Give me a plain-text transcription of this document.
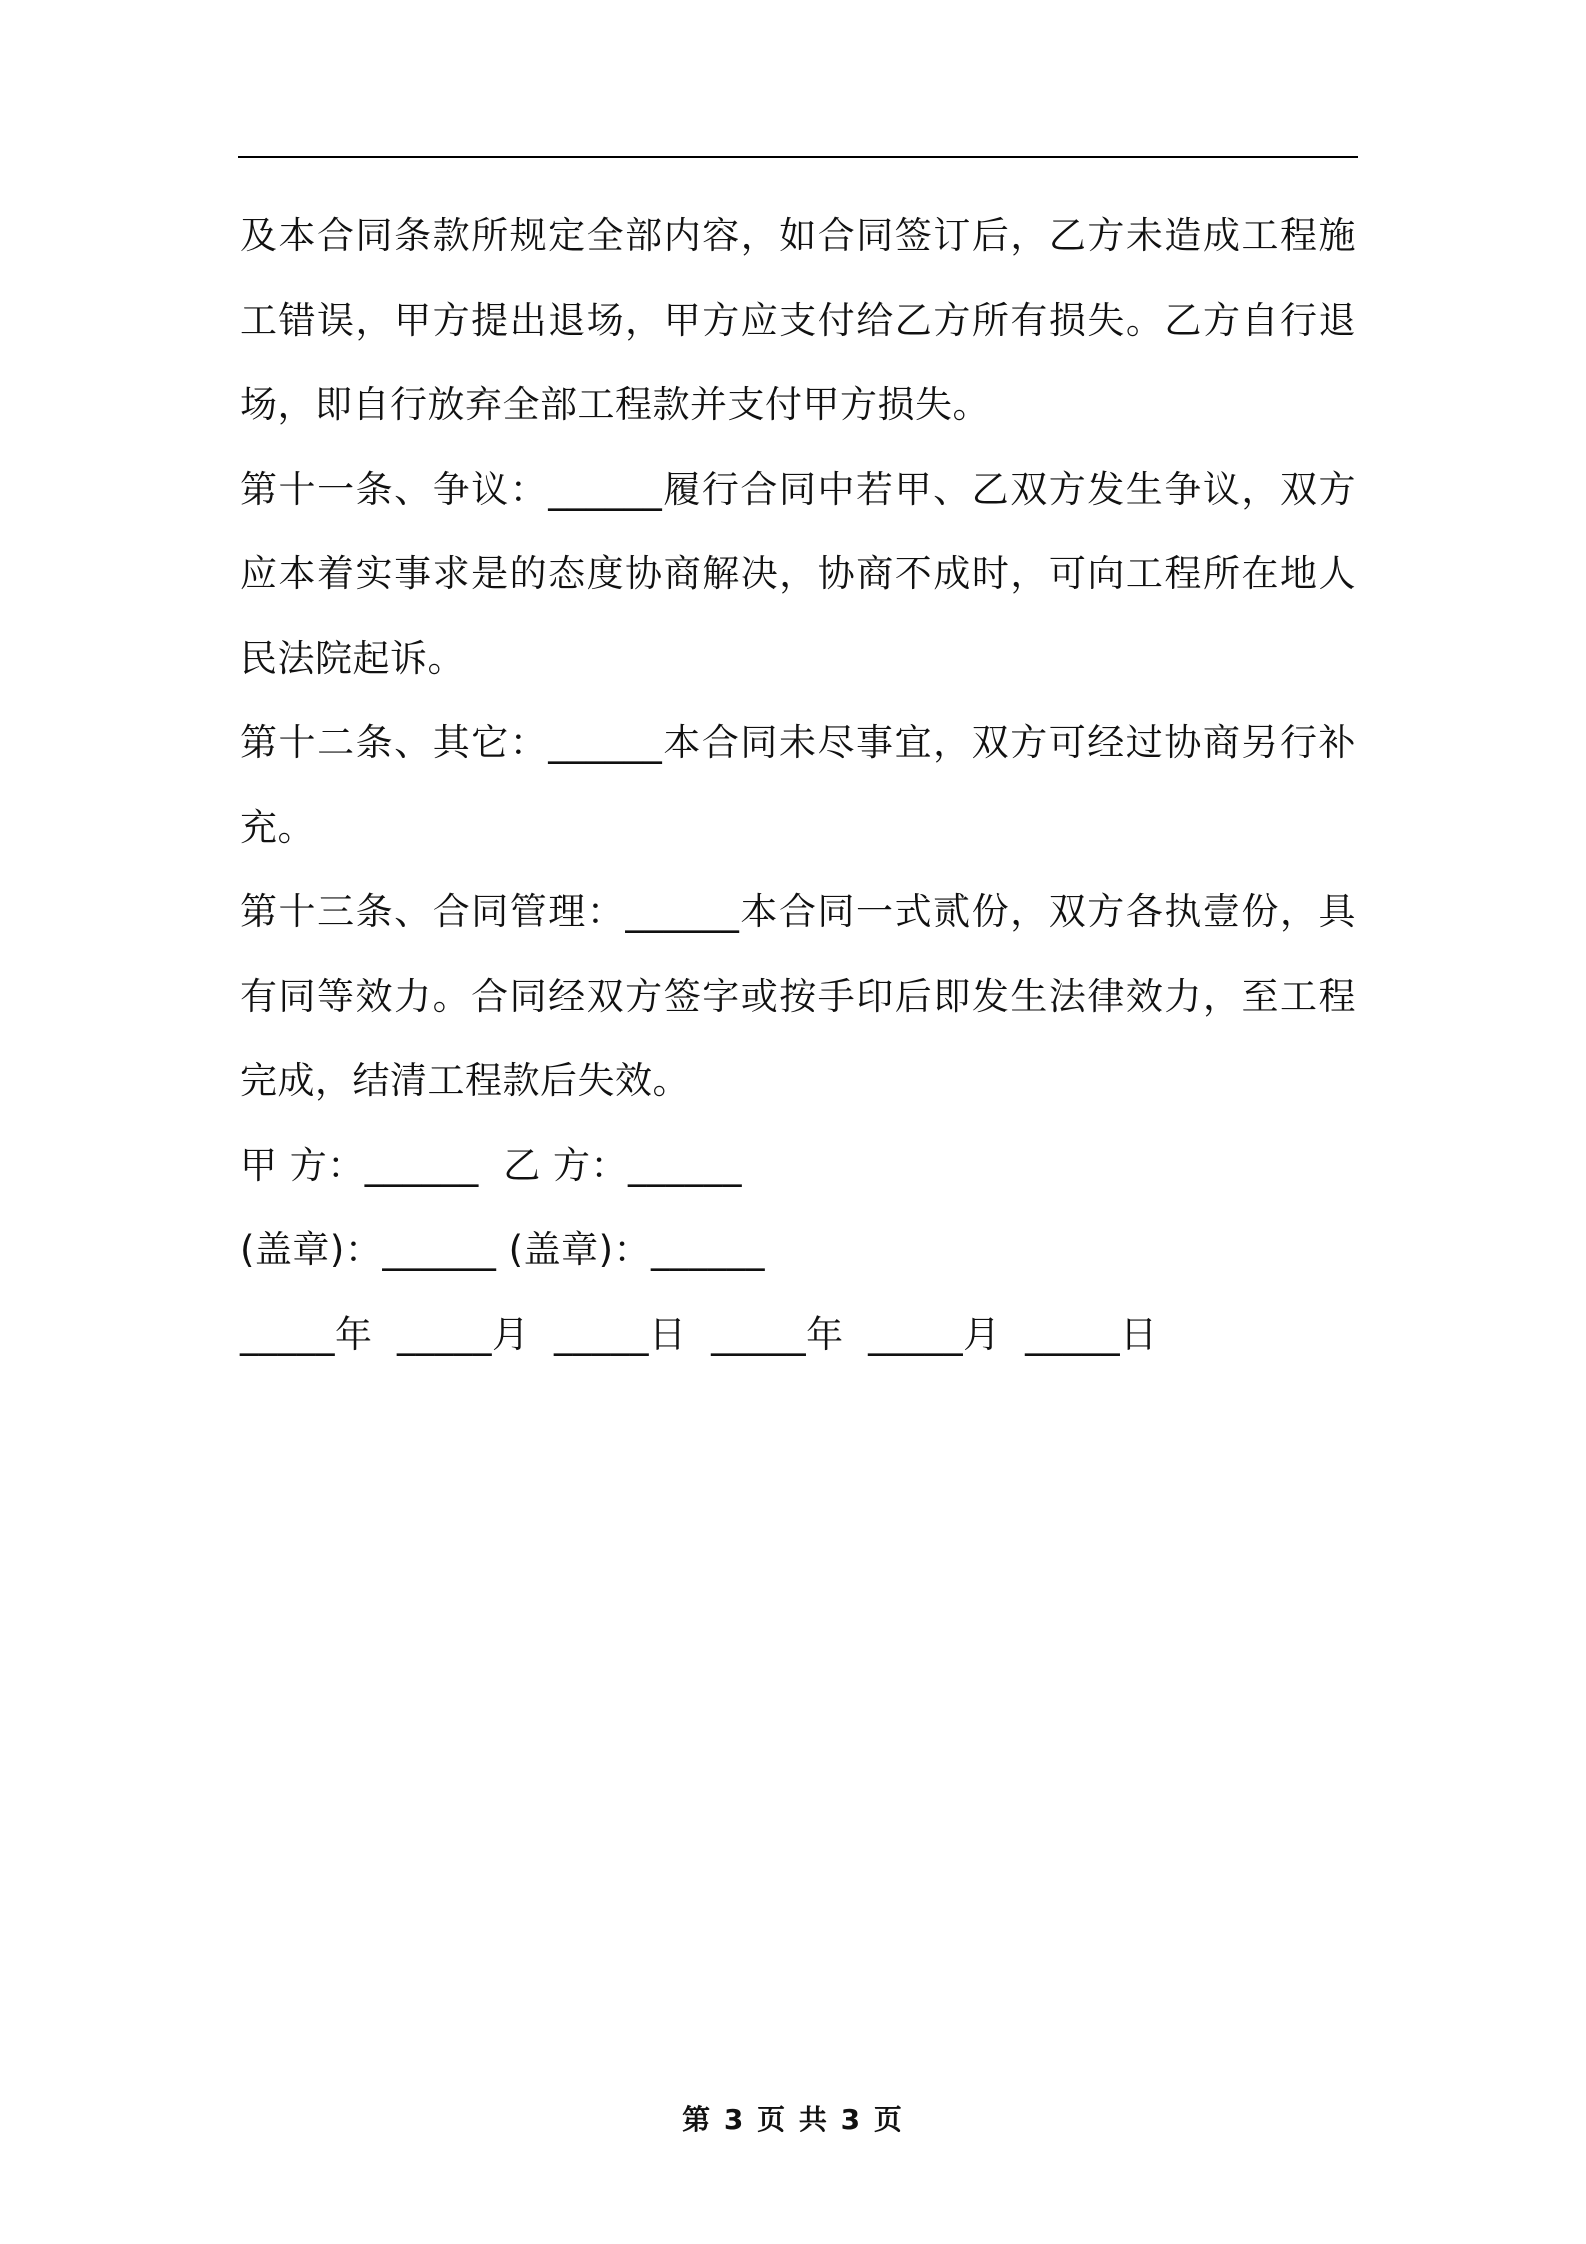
及本合同条款所规定全部内容，如合同签订后，乙方未造成工程施工错误，甲方提出退场，甲方应支付给乙方所有损失。乙方自行退场，即自行放弃全部工程款并支付甲方损失。

第十一条、争议：______履行合同中若甲、乙双方发生争议，双方应本着实事求是的态度协商解决，协商不成时，可向工程所在地人民法院起诉。

第十二条、其它：______本合同未尽事宜，双方可经过协商另行补充。

第十三条、合同管理：______本合同一式贰份，双方各执壹份，具有同等效力。合同经双方签字或按手印后即发生法律效力，至工程完成，结清工程款后失效。

甲 方：______  乙 方：______

(盖章)：______ (盖章)：______

_____年  _____月  _____日  _____年  _____月  _____日

第 3 页 共 3 页
